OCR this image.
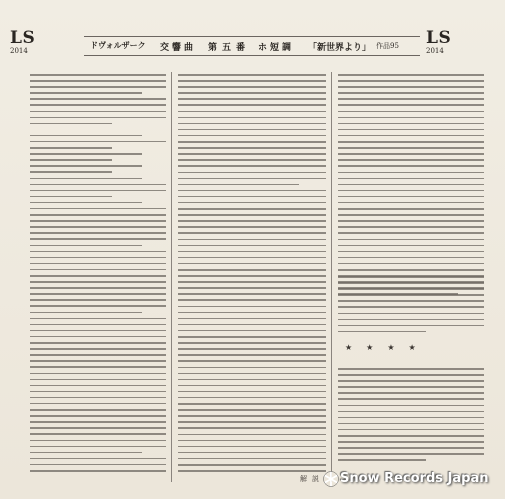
LS
2014
LS
2014
ドヴォルザーク 交 響 曲 第 五 番 ホ 短 調 「新世界より」 作品95
★★★★
解 説 Snow Records Japan
